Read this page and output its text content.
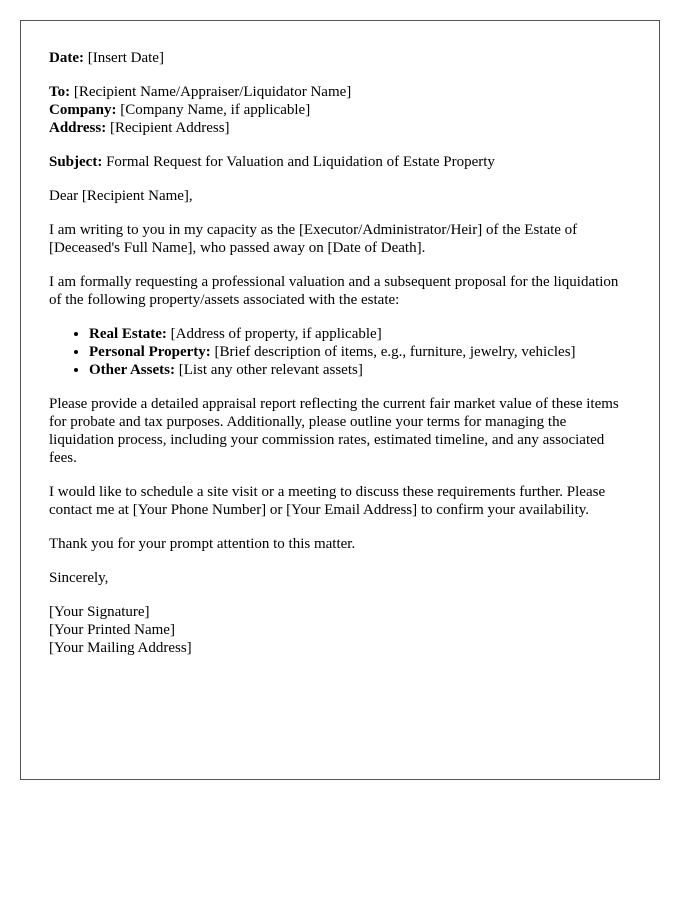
Date: [Insert Date]
To: [Recipient Name/Appraiser/Liquidator Name]
Company: [Company Name, if applicable]
Address: [Recipient Address]
Subject: Formal Request for Valuation and Liquidation of Estate Property

Dear [Recipient Name],

I am writing to you in my capacity as the [Executor/Administrator/Heir] of the Estate of [Deceased's Full Name], who passed away on [Date of Death].

I am formally requesting a professional valuation and a subsequent proposal for the liquidation of the following property/assets associated with the estate:

• Real Estate: [Address of property, if applicable]
• Personal Property: [Brief description of items, e.g., furniture, jewelry, vehicles]
• Other Assets: [List any other relevant assets]

Please provide a detailed appraisal report reflecting the current fair market value of these items for probate and tax purposes. Additionally, please outline your terms for managing the liquidation process, including your commission rates, estimated timeline, and any associated fees.

I would like to schedule a site visit or a meeting to discuss these requirements further. Please contact me at [Your Phone Number] or [Your Email Address] to confirm your availability.

Thank you for your prompt attention to this matter.

Sincerely,

[Your Signature]
[Your Printed Name]
[Your Mailing Address]
